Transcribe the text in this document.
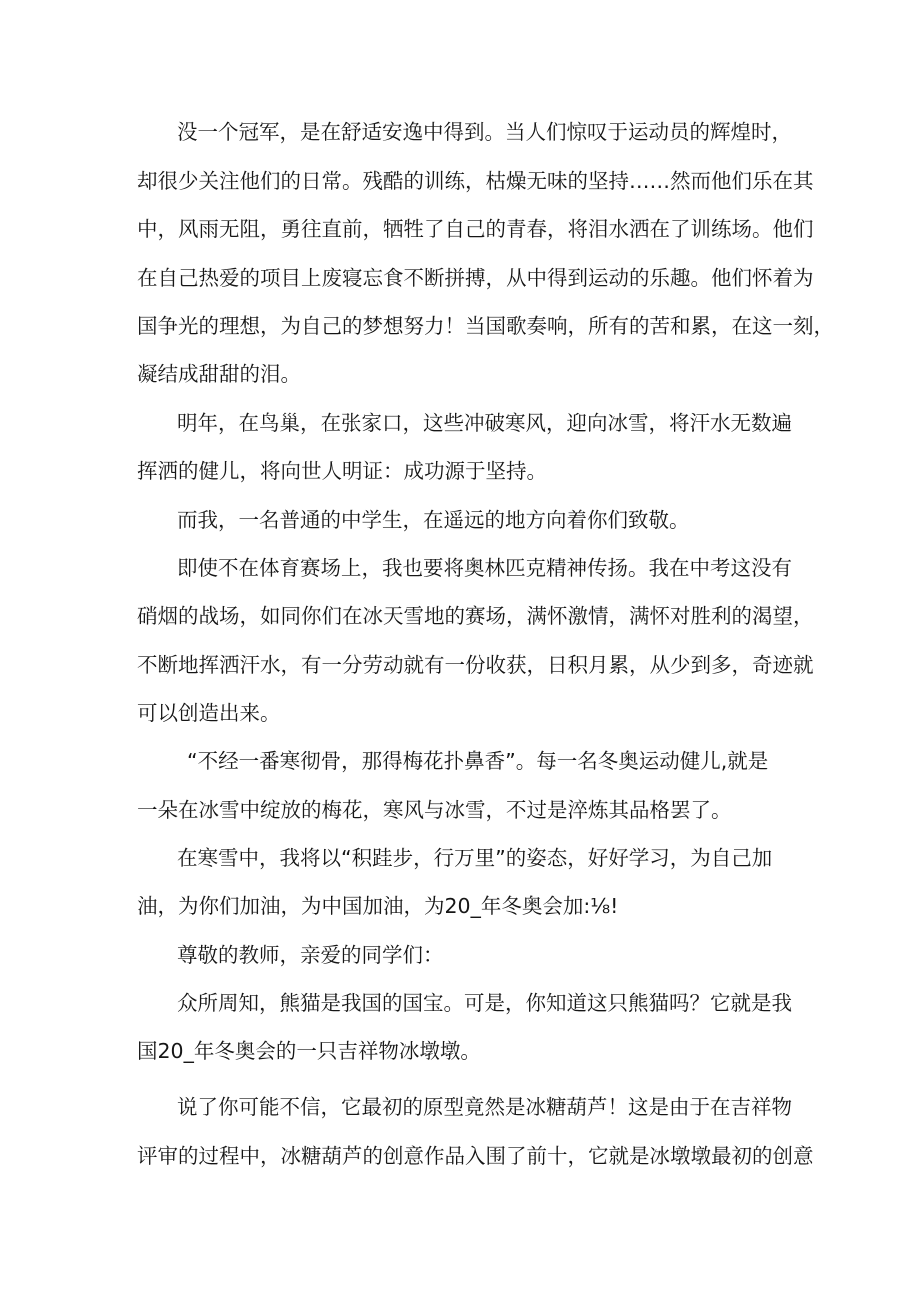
没一个冠军，是在舒适安逸中得到。当人们惊叹于运动员的辉煌时，

却很少关注他们的日常。残酷的训练，枯燥无味的坚持……然而他们乐在其

中，风雨无阻，勇往直前，牺牲了自己的青春，将泪水洒在了训练场。他们

在自己热爱的项目上废寝忘食不断拼搏，从中得到运动的乐趣。他们怀着为

国争光的理想，为自己的梦想努力！当国歌奏响，所有的苦和累，在这一刻，

凝结成甜甜的泪。

明年，在鸟巢，在张家口，这些冲破寒风，迎向冰雪，将汗水无数遍

挥洒的健儿，将向世人明证：成功源于坚持。

而我，一名普通的中学生，在遥远的地方向着你们致敬。

即使不在体育赛场上，我也要将奥林匹克精神传扬。我在中考这没有

硝烟的战场，如同你们在冰天雪地的赛场，满怀激情，满怀对胜利的渴望，

不断地挥洒汗水，有一分劳动就有一份收获，日积月累，从少到多，奇迹就

可以创造出来。

“不经一番寒彻骨，那得梅花扑鼻香”。每一名冬奥运动健儿,就是

一朵在冰雪中绽放的梅花，寒风与冰雪，不过是淬炼其品格罢了。

在寒雪中，我将以“积跬步，行万里”的姿态，好好学习，为自己加

油，为你们加油，为中国加油，为20_年冬奥会加:⅛!

尊敬的教师，亲爱的同学们：

众所周知，熊猫是我国的国宝。可是，你知道这只熊猫吗？它就是我

国20_年冬奥会的一只吉祥物冰墩墩。

说了你可能不信，它最初的原型竟然是冰糖葫芦！这是由于在吉祥物

评审的过程中，冰糖葫芦的创意作品入围了前十，它就是冰墩墩最初的创意
